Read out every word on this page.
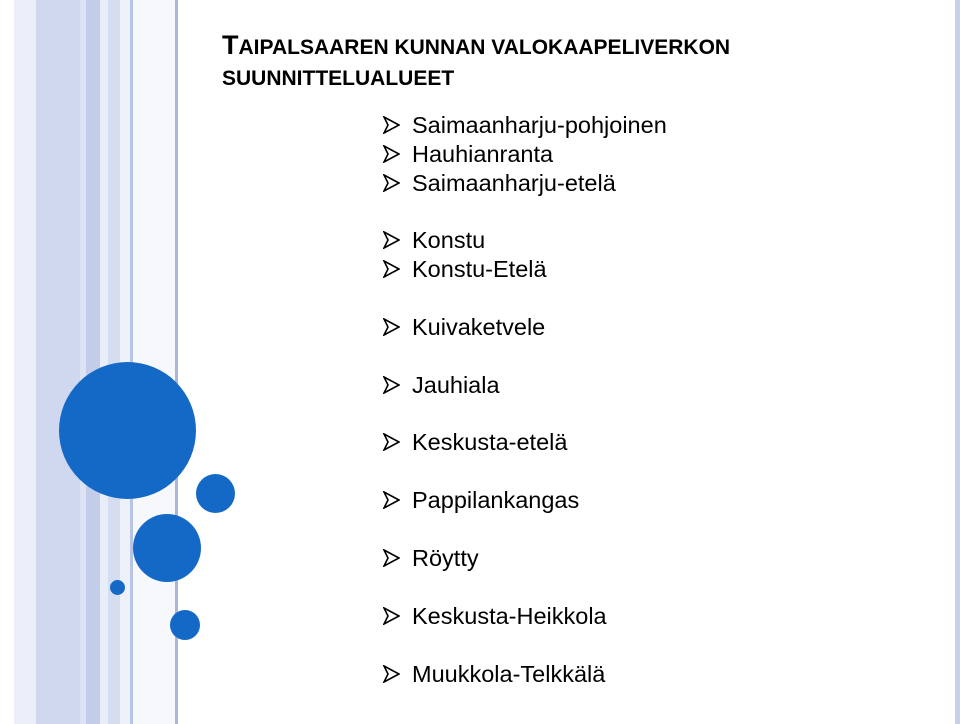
TAIPALSAAREN KUNNAN VALOKAAPELIVERKON
SUUNNITTELUALUEET
Saimaanharju-pohjoinen
Hauhianranta
Saimaanharju-etelä
Konstu
Konstu-Etelä
Kuivaketvele
Jauhiala
Keskusta-etelä
Pappilankangas
Röytty
Keskusta-Heikkola
Muukkola-Telkkälä
